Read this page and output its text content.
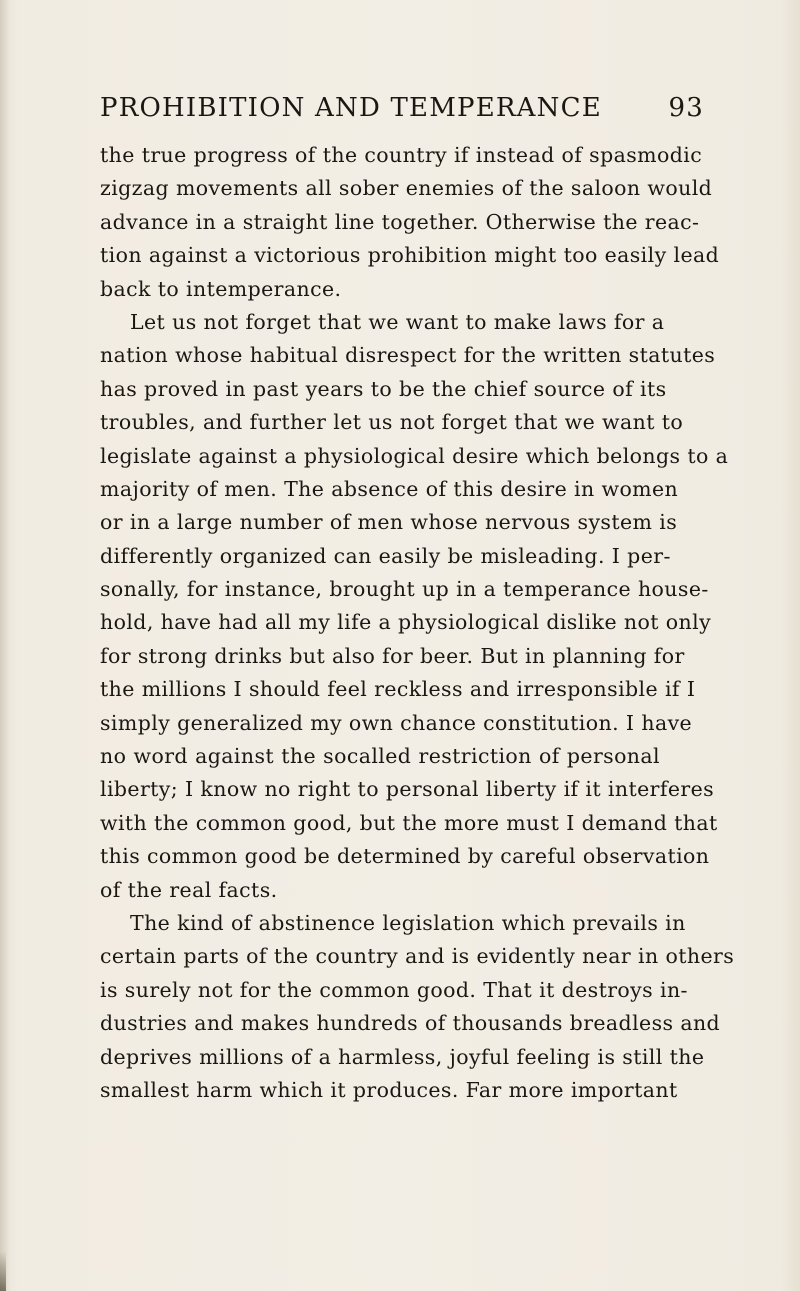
PROHIBITION AND TEMPERANCE	93
the true progress of the country if instead of spasmodic
zigzag movements all sober enemies of the saloon would
advance in a straight line together. Otherwise the reac-
tion against a victorious prohibition might too easily lead
back to intemperance.
Let us not forget that we want to make laws for a
nation whose habitual disrespect for the written statutes
has proved in past years to be the chief source of its
troubles, and further let us not forget that we want to
legislate against a physiological desire which belongs to a
majority of men. The absence of this desire in women
or in a large number of men whose nervous system is
differently organized can easily be misleading. I per-
sonally, for instance, brought up in a temperance house-
hold, have had all my life a physiological dislike not only
for strong drinks but also for beer. But in planning for
the millions I should feel reckless and irresponsible if I
simply generalized my own chance constitution. I have
no word against the socalled restriction of personal
liberty; I know no right to personal liberty if it interferes
with the common good, but the more must I demand that
this common good be determined by careful observation
of the real facts.
The kind of abstinence legislation which prevails in
certain parts of the country and is evidently near in others
is surely not for the common good. That it destroys in-
dustries and makes hundreds of thousands breadless and
deprives millions of a harmless, joyful feeling is still the
smallest harm which it produces. Far more important
